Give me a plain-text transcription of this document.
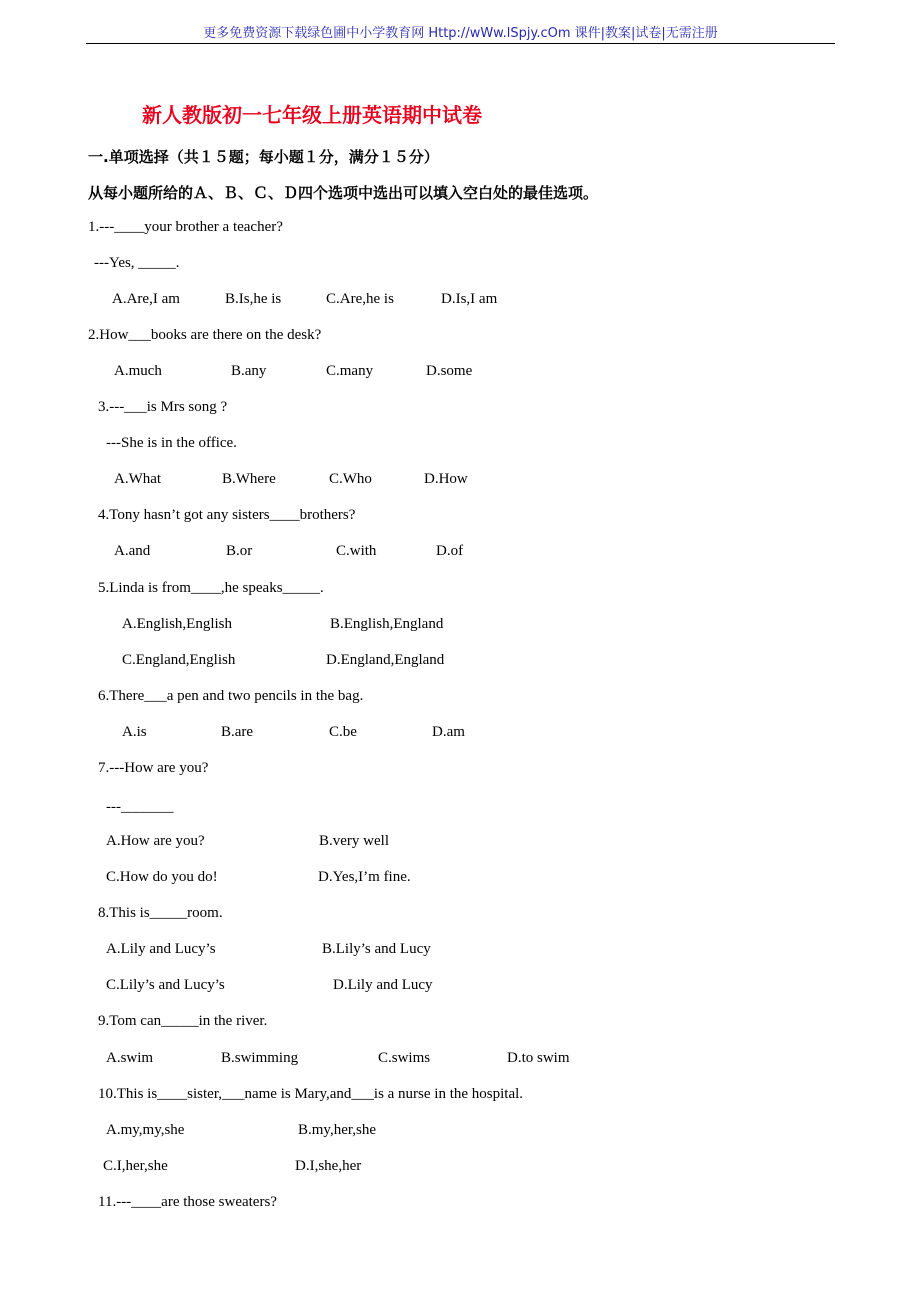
更多免费资源下载绿色圃中小学教育网 Http://wWw.lSpjy.cOm 课件|教案|试卷|无需注册
新人教版初一七年级上册英语期中试卷
一.单项选择（共１５题；每小题１分，满分１５分）
从每小题所给的Ａ、Ｂ、Ｃ、Ｄ四个选项中选出可以填入空白处的最佳选项。
1.---____your brother a teacher?
---Yes, _____.
A.Are,I am	B.Is,he is	C.Are,he is	D.Is,I am
2.How___books are there on the desk?
A.much	B.any	C.many	D.some
3.---___is Mrs song ?
---She is in the office.
A.What	B.Where	C.Who	D.How
4.Tony hasn’t got any sisters____brothers?
A.and	B.or	C.with	D.of
5.Linda is from____,he speaks_____.
A.English,English	B.English,England
C.England,English	D.England,England
6.There___a pen and two pencils in the bag.
A.is	B.are	C.be	D.am
7.---How are you?
---_______
A.How are you?	B.very well
C.How do you do!	D.Yes,I’m fine.
8.This is_____room.
A.Lily and Lucy’s	B.Lily’s and Lucy
C.Lily’s and Lucy’s	D.Lily and Lucy
9.Tom can_____in the river.
A.swim	B.swimming	C.swims	D.to swim
10.This is____sister,___name is Mary,and___is a nurse in the hospital.
A.my,my,she	B.my,her,she
C.I,her,she	D.I,she,her
11.---____are those sweaters?
